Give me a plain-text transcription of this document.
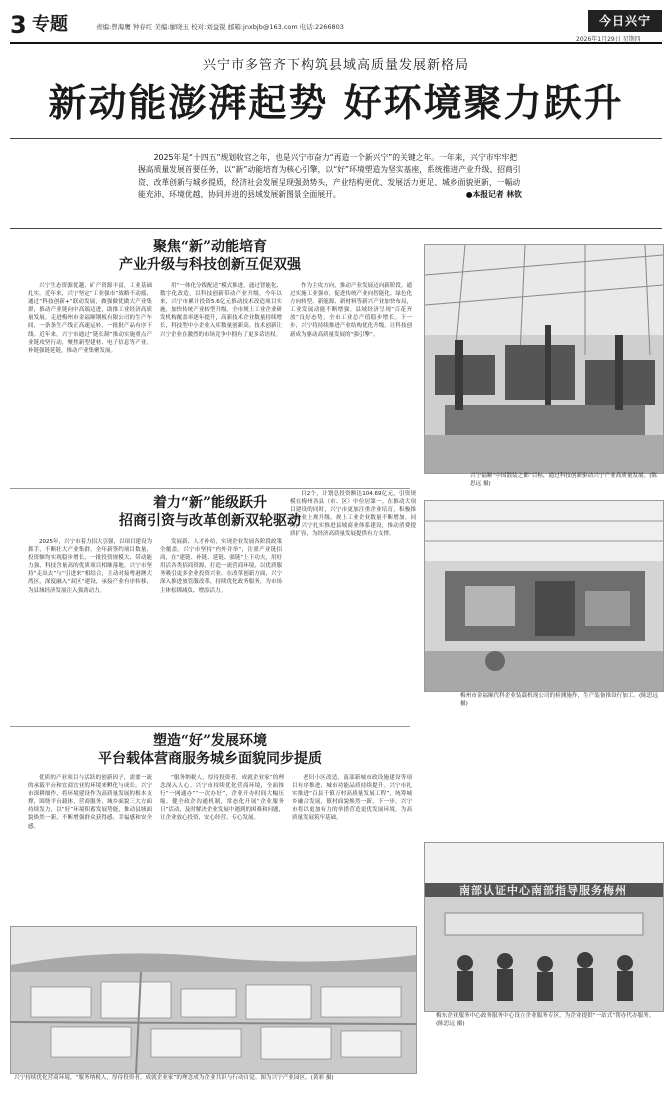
3 专题	责编:曾海鹰 钟春红 美编:廖晓玉 校对:刘益锐 邮箱:jnxbjb@163.com 电话:2266803	今日兴宁
2026年1月29日 星期四
兴宁市多管齐下构筑县域高质量发展新格局
新动能澎湃起势 好环境聚力跃升
2025年是“十四五”规划收官之年，也是兴宁市奋力“再造一个新兴宁”的关键之年。一年来，兴宁市牢牢把握高质量发展首要任务，以“新”动能培育为核心引擎，以“好”环境塑造为坚实基座，系统推进产业升级、招商引资、改革创新与城乡提质，经济社会发展呈现强劲势头，产业结构更优、发展活力更足、城乡面貌更新，一幅动能充沛、环境优越、协同并进的县域发展新图景全面展开。	●本报记者 林钦
聚焦“新”动能培育
产业升级与科技创新互促双强
兴宁生态资源优越，矿产资源丰富，工业基础扎实。近年来，兴宁坚定“工业强市”战略不动摇，通过“科技创新+”联动发展，做强做优做大产业集群，推动产业链向中高端迈进，助推工业经济高质量发展。走进梅州市金福顺钢板有限公司的生产车间，一条条生产线正高速运转，一批批产品有序下线。近年来，兴宁市通过“链长制”推动实施重点产业链攻坚行动，聚焦新型建材、电子信息等产业，补链强链延链，推动产业集聚发展。
用“一体化分拨配送”模式推进，通过智能化、数字化改造，以科技创新带动产业升级。今年以来，兴宁市累计投资5.6亿元推动技术改造项目实施，加快传统产业转型升级。全市规上工业企业研发机构覆盖率逐年提升，高新技术企业数量持续增长，科技型中小企业入库数量创新高。技术创新让兴宁企业在激烈的市场竞争中拥有了更多话语权。
作为主攻方向，推动产业发展迈向新阶段。通过实施工业强市，促进传统产业向智能化、绿色化方向转型。新能源、新材料等新兴产业加快布局，工业发展动能不断增强。县域经济呈现“百花齐放”良好态势，全市工业总产值稳步增长。下一步，兴宁将持续推进产业结构优化升级，让科技创新成为驱动高质量发展的“强引擎”。
兴宁福顺“中国散装之都”目标，通过科技创新驱动兴宁产业高质量发展。(陈思远 摄)
着力“新”能级跃升
招商引资与改革创新双轮驱动
2025年，兴宁市着力招大引强，以项目建设为抓手，不断壮大产业集群。全年新签约项目数量、投资额均实现稳步增长，一批投资规模大、带动能力强、科技含量高的优质项目相继落地。兴宁市坚持“走出去”与“引进来”相结合，主动对接粤港澳大湾区，深度融入“双区”建设，承接产业有序转移，为县域经济发展注入强劲动力。
发展新、人才补给，实现企业发展各阶段政策全覆盖。兴宁市坚持“内外并举”，注重产业链招商，在“建链、补链、延链、强链”上下功夫，用好用活各类招商资源，打造一流营商环境，以优质服务吸引更多企业投资兴业。在改革创新方面，兴宁深入推进放管服改革，持续优化政务服务，为市场主体松绑减负、增添活力。
目2个，计划总投资额达104.69亿元，引资规模在梅州各县（市、区）中位居第一。在推动大项目建设的同时，兴宁市更加注重企业培育，积极推动企业上规升级，规上工业企业数量不断增加。同时，兴宁扎实推进县域商业体系建设，推动消费提质扩容，为经济高质量发展提供有力支撑。
梅州市金福顺代科企业装载机现公司的检测施作，生产装备推设行加工。(陈思远 摄)
塑造“好”发展环境
平台载体营商服务城乡面貌同步提质
优质的产业项目与活跃的创新因子，需要一流的承载平台和宜商宜业的环境来孵化与成长。兴宁市深耕细作，将环境建设作为高质量发展的根本支撑，围绕平台载体、营商服务、城乡面貌三大方面持续发力，以“好”环境积蓄发展势能，推动县域面貌焕然一新，不断增强群众获得感、幸福感和安全感。
“服务纳税人，厚待投资者，成就企业家”的理念深入人心。兴宁市持续优化营商环境，全面推行“一网通办”“一次办好”，企业开办时间大幅压缩。健全政企沟通机制，常态化开展“企业服务日”活动，及时解决企业发展中遇到的困难和问题，让企业放心投资、安心经营、专心发展。
老旧小区改造、南部新城市政设施建设等项目有序推进，城市功能品质持续提升。兴宁市扎实推进“百县千镇万村高质量发展工程”，统筹城乡融合发展，镇村面貌焕然一新。下一步，兴宁市将以更加有力的举措营造更优发展环境，为高质量发展筑牢基础。
兴宁持续优化营商环境，“服务纳税人，厚待投资者，成就企业家”的理念成为企业共识与行动自觉。图为兴宁产业园区。(黄彩 摄)
南部认证中心南部指导服务梅州
梅东企业服务中心政务服务中心设立企业服务专区，为企业提供“一站式”帮办代办服务。(陈思远 摄)
